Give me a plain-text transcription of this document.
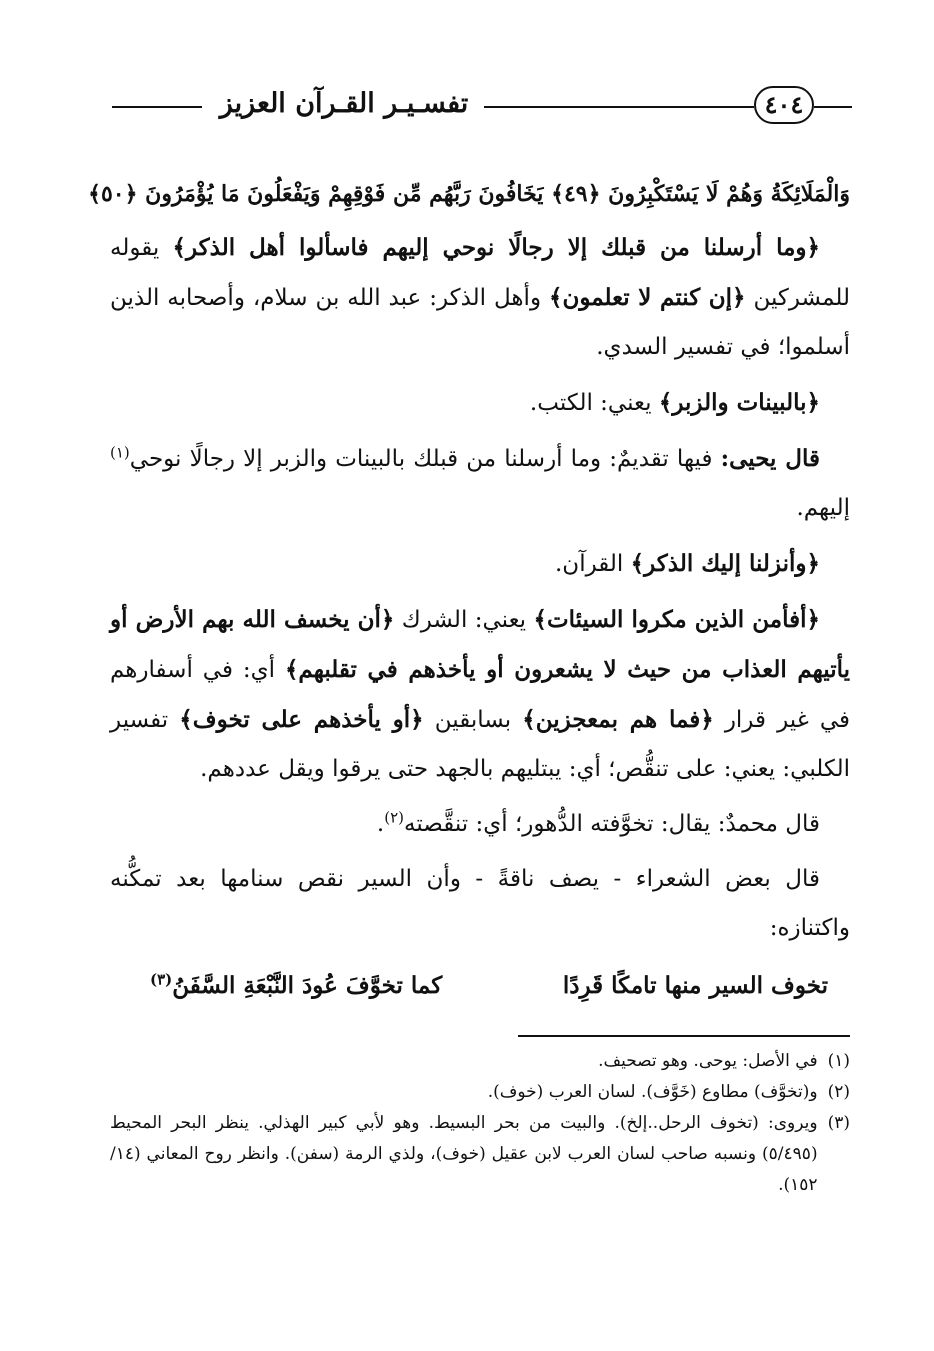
تفسـيـر القـرآن العزيز	٤٠٤

وَالْمَلَائِكَةُ وَهُمْ لَا يَسْتَكْبِرُونَ ﴿٤٩﴾ يَخَافُونَ رَبَّهُم مِّن فَوْقِهِمْ وَيَفْعَلُونَ مَا يُؤْمَرُونَ ﴿٥٠﴾

﴿وما أرسلنا من قبلك إلا رجالًا نوحي إليهم فاسألوا أهل الذكر﴾ يقوله للمشركين ﴿إن كنتم لا تعلمون﴾ وأهل الذكر: عبد الله بن سلام، وأصحابه الذين أسلموا؛ في تفسير السدي.

﴿بالبينات والزبر﴾ يعني: الكتب.

قال يحيى: فيها تقديمٌ: وما أرسلنا من قبلك بالبينات والزبر إلا رجالًا نوحي$^{(١)}$ إليهم.

﴿وأنزلنا إليك الذكر﴾ القرآن.

﴿أفأمن الذين مكروا السيئات﴾ يعني: الشرك ﴿أن يخسف الله بهم الأرض أو يأتيهم العذاب من حيث لا يشعرون أو يأخذهم في تقلبهم﴾ أي: في أسفارهم في غير قرار ﴿فما هم بمعجزين﴾ بسابقين ﴿أو يأخذهم على تخوف﴾ تفسير الكلبي: يعني: على تنقُّص؛ أي: يبتليهم بالجهد حتى يرقوا ويقل عددهم.

قال محمدٌ: يقال: تخوَّفته الدُّهور؛ أي: تنقَّصته$^{(٢)}$.

قال بعض الشعراء - يصف ناقةً - وأن السير نقص سنامها بعد تمكُّنه واكتنازه:

تخوف السير منها تامكًا قَرِدًا
كما تخوَّفَ عُودَ النَّبْعَةِ السَّفَنُ$^{(٣)}$
(١)
في الأصل: يوحى. وهو تصحيف.
(٢)
و(تخوَّف) مطاوع (خَوَّف). لسان العرب (خوف).
(٣)
ويروى: (تخوف الرحل..إلخ). والبيت من بحر البسيط. وهو لأبي كبير الهذلي. ينظر البحر المحيط (٥/٤٩٥) ونسبه صاحب لسان العرب لابن عقيل (خوف)، ولذي الرمة (سفن). وانظر روح المعاني (١٤/ ١٥٢).
